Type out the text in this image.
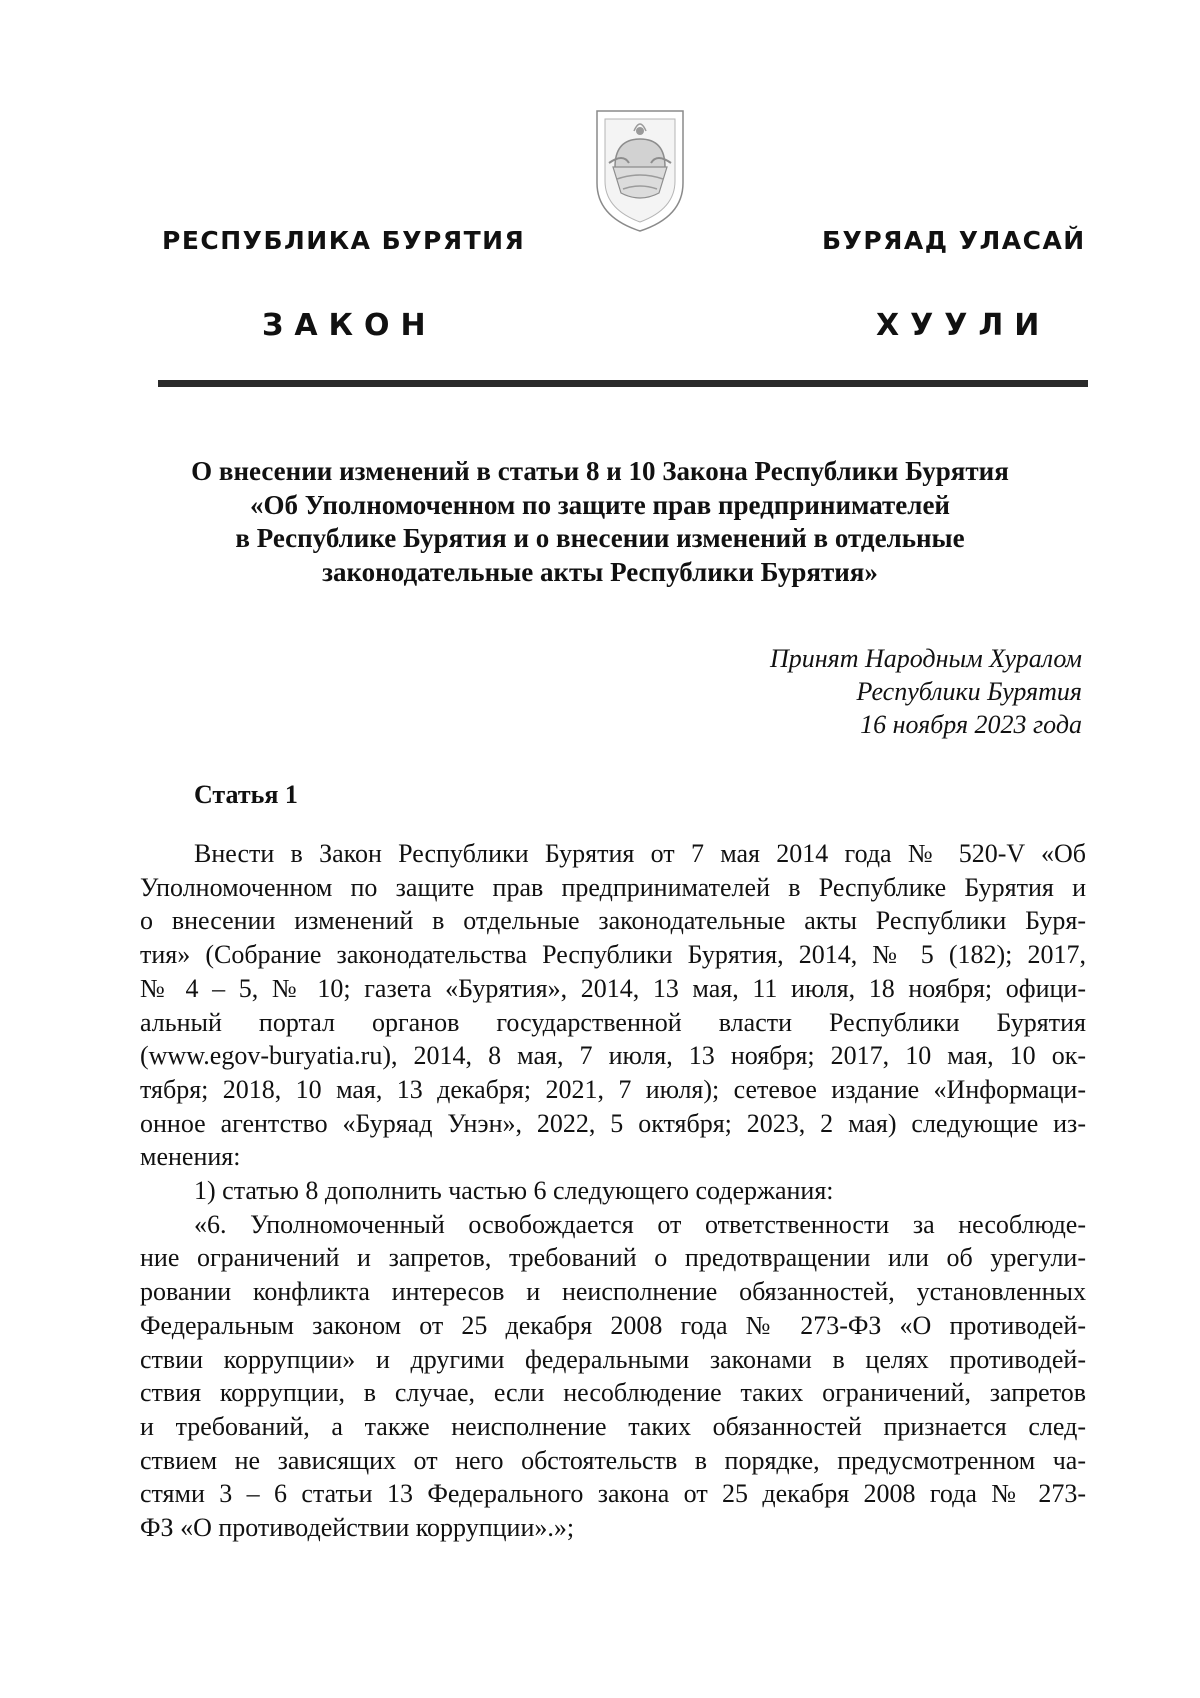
РЕСПУБЛИКА БУРЯТИЯ	БУРЯАД УЛАСАЙ
ЗАКОН	ХУУЛИ
О внесении изменений в статьи 8 и 10 Закона Республики Бурятия
«Об Уполномоченном по защите прав предпринимателей
в Республике Бурятия и о внесении изменений в отдельные
законодательные акты Республики Бурятия»
Принят Народным Хуралом
Республики Бурятия
16 ноября 2023 года
Статья 1
Внести в Закон Республики Бурятия от 7 мая 2014 года № 520-V «Об
Уполномоченном по защите прав предпринимателей в Республике Бурятия и
о внесении изменений в отдельные законодательные акты Республики Буря-
тия» (Собрание законодательства Республики Бурятия, 2014, № 5 (182); 2017,
№ 4 – 5, № 10; газета «Бурятия», 2014, 13 мая, 11 июля, 18 ноября; офици-
альный портал органов государственной власти Республики Бурятия
(www.egov-buryatia.ru), 2014, 8 мая, 7 июля, 13 ноября; 2017, 10 мая, 10 ок-
тября; 2018, 10 мая, 13 декабря; 2021, 7 июля); сетевое издание «Информаци-
онное агентство «Буряад Унэн», 2022, 5 октября; 2023, 2 мая) следующие из-
менения:
1) статью 8 дополнить частью 6 следующего содержания:
«6. Уполномоченный освобождается от ответственности за несоблюде-
ние ограничений и запретов, требований о предотвращении или об урегули-
ровании конфликта интересов и неисполнение обязанностей, установленных
Федеральным законом от 25 декабря 2008 года № 273-ФЗ «О противодей-
ствии коррупции» и другими федеральными законами в целях противодей-
ствия коррупции, в случае, если несоблюдение таких ограничений, запретов
и требований, а также неисполнение таких обязанностей признается след-
ствием не зависящих от него обстоятельств в порядке, предусмотренном ча-
стями 3 – 6 статьи 13 Федерального закона от 25 декабря 2008 года № 273-
ФЗ «О противодействии коррупции».»;
